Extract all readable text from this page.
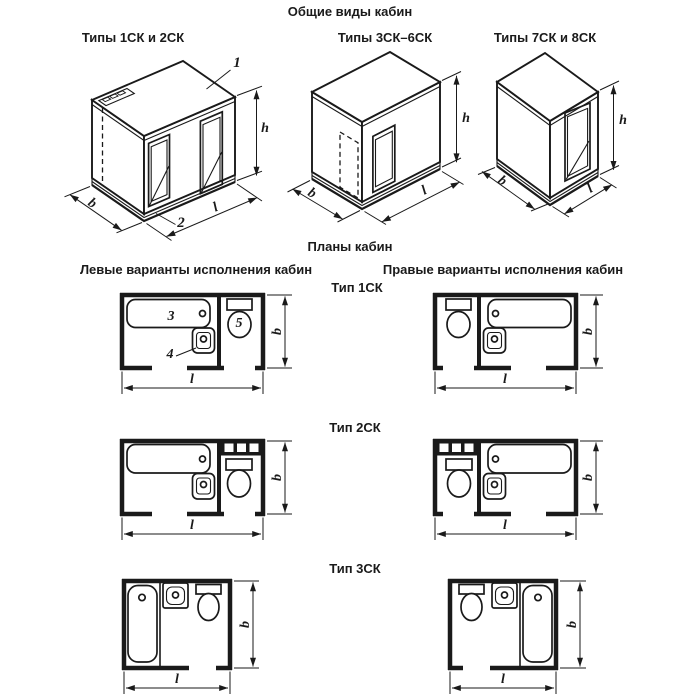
Общие виды кабин
Типы 1СК и 2СК	Типы 3СК–6СК	Типы 7СК и 8СК
Планы кабин
Левые варианты исполнения кабин	Правые варианты исполнения кабин
Тип 1СК
Тип 2СК
Тип 3СК
1
2
h
b	l
h
b	l
h
b	l
3
4
5
b
l
b
l
b
l
b
l
b
l
b
l
